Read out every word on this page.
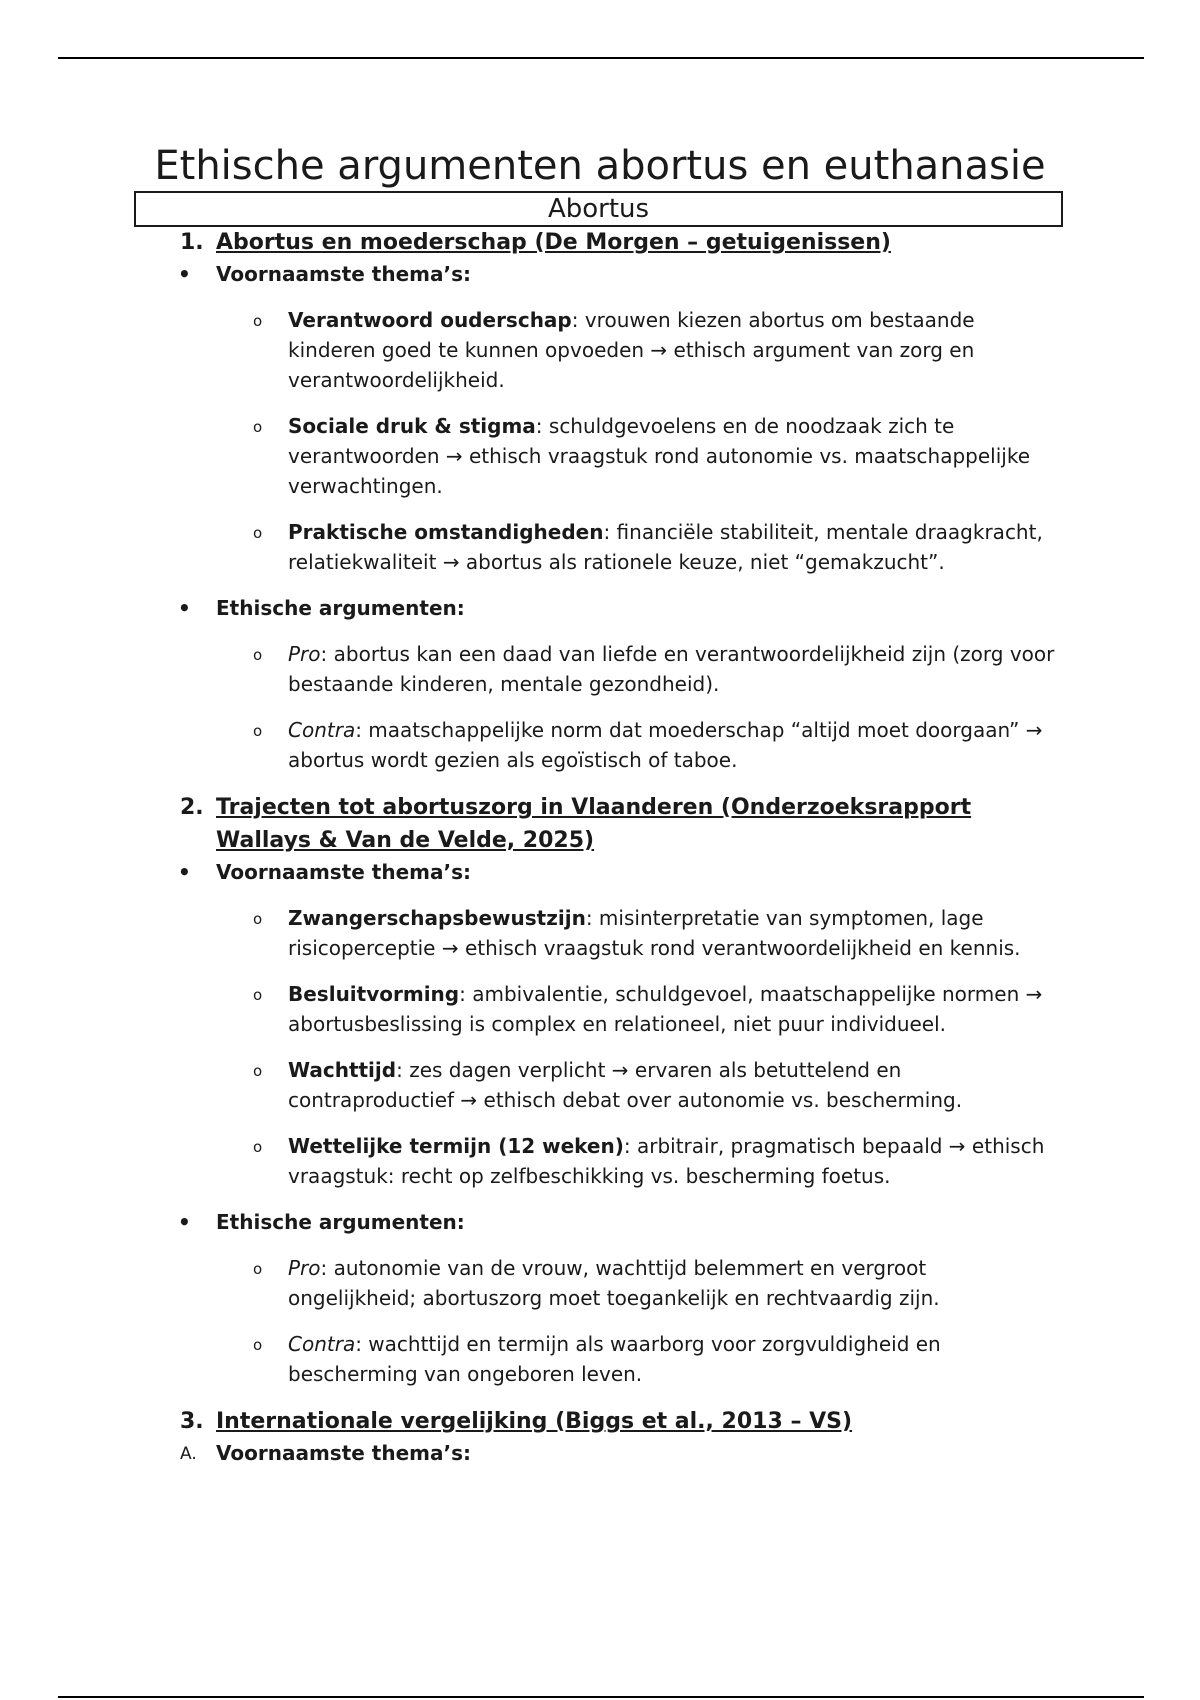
Ethische argumenten abortus en euthanasie
Abortus
1. Abortus en moederschap (De Morgen – getuigenissen)
• Voornaamste thema’s:
o Verantwoord ouderschap: vrouwen kiezen abortus om bestaande kinderen goed te kunnen opvoeden → ethisch argument van zorg en verantwoordelijkheid.
o Sociale druk & stigma: schuldgevoelens en de noodzaak zich te verantwoorden → ethisch vraagstuk rond autonomie vs. maatschappelijke verwachtingen.
o Praktische omstandigheden: financiële stabiliteit, mentale draagkracht, relatiekwaliteit → abortus als rationele keuze, niet “gemakzucht”.
• Ethische argumenten:
o Pro: abortus kan een daad van liefde en verantwoordelijkheid zijn (zorg voor bestaande kinderen, mentale gezondheid).
o Contra: maatschappelijke norm dat moederschap “altijd moet doorgaan” → abortus wordt gezien als egoïstisch of taboe.
2. Trajecten tot abortuszorg in Vlaanderen (Onderzoeksrapport Wallays & Van de Velde, 2025)
• Voornaamste thema’s:
o Zwangerschapsbewustzijn: misinterpretatie van symptomen, lage risicoperceptie → ethisch vraagstuk rond verantwoordelijkheid en kennis.
o Besluitvorming: ambivalentie, schuldgevoel, maatschappelijke normen → abortusbeslissing is complex en relationeel, niet puur individueel.
o Wachttijd: zes dagen verplicht → ervaren als betuttelend en contraproductief → ethisch debat over autonomie vs. bescherming.
o Wettelijke termijn (12 weken): arbitrair, pragmatisch bepaald → ethisch vraagstuk: recht op zelfbeschikking vs. bescherming foetus.
• Ethische argumenten:
o Pro: autonomie van de vrouw, wachttijd belemmert en vergroot ongelijkheid; abortuszorg moet toegankelijk en rechtvaardig zijn.
o Contra: wachttijd en termijn als waarborg voor zorgvuldigheid en bescherming van ongeboren leven.
3. Internationale vergelijking (Biggs et al., 2013 – VS)
A. Voornaamste thema’s:
